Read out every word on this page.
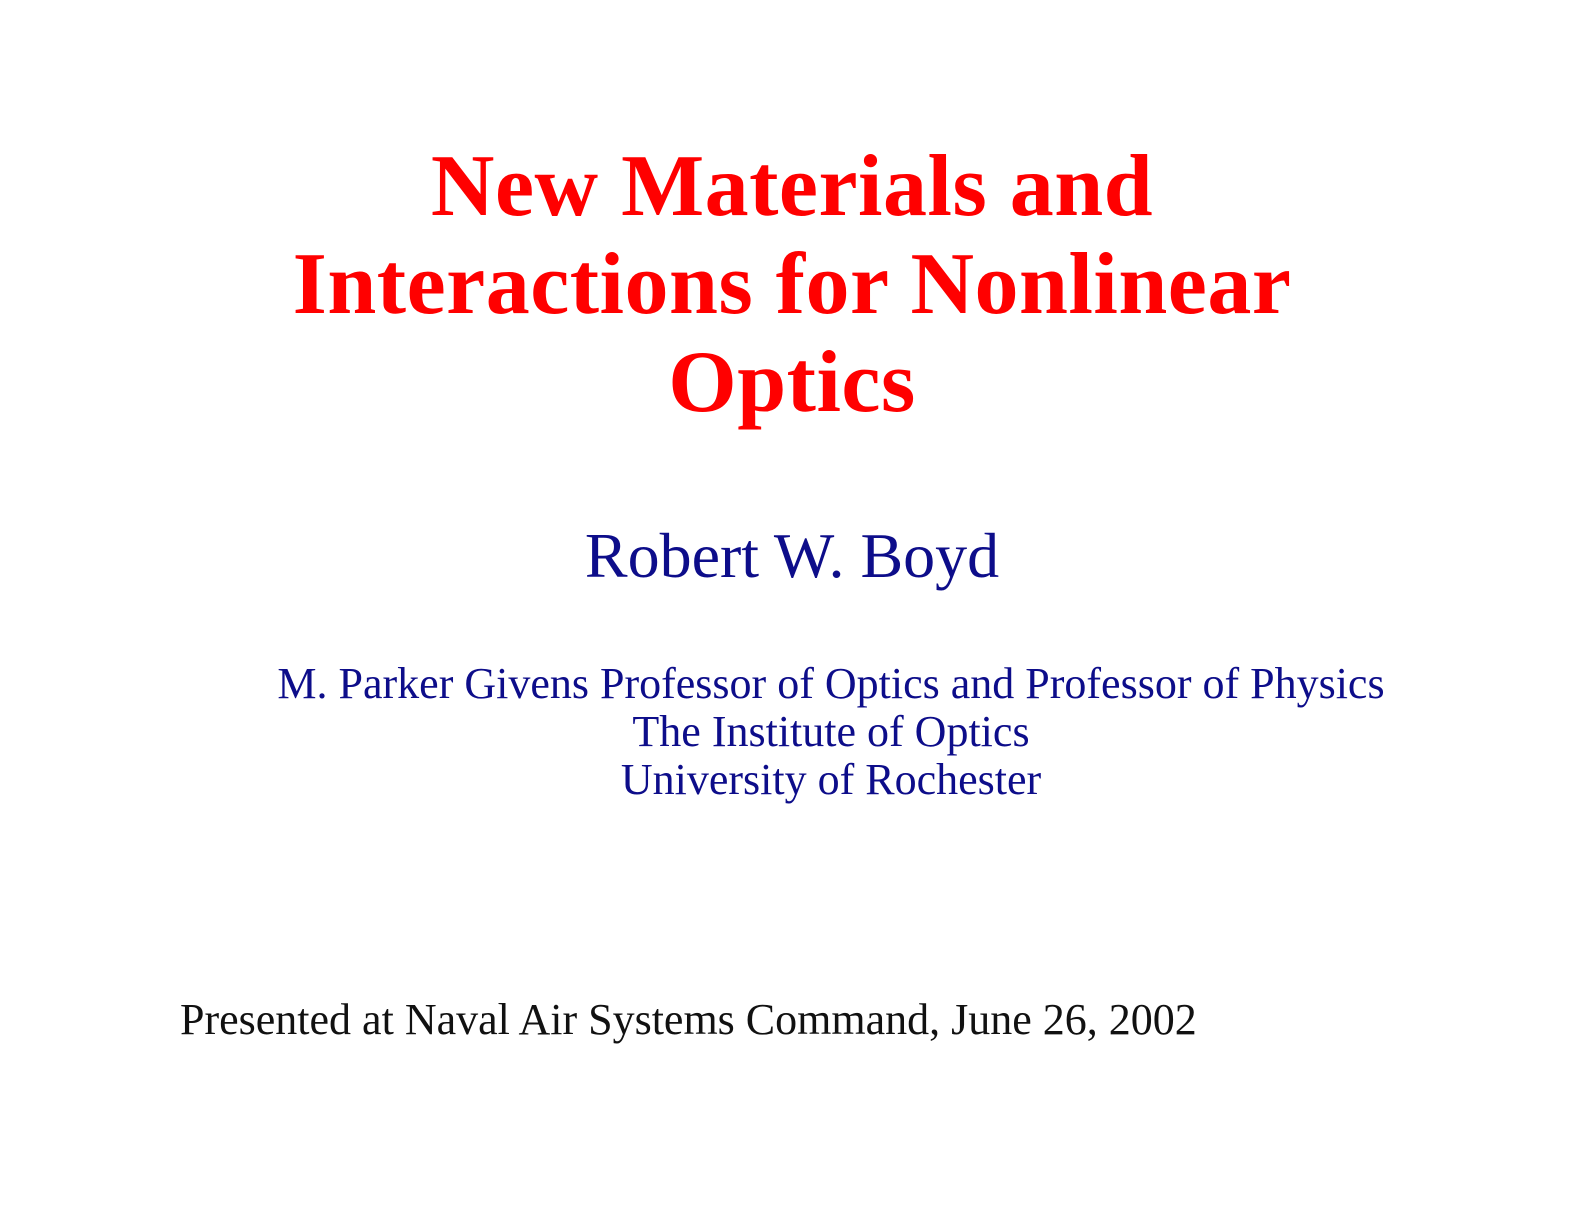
New Materials and
Interactions for Nonlinear
Optics
Robert W. Boyd
M. Parker Givens Professor of Optics and Professor of Physics
The Institute of Optics
University of Rochester
Presented at Naval Air Systems Command, June 26, 2002
